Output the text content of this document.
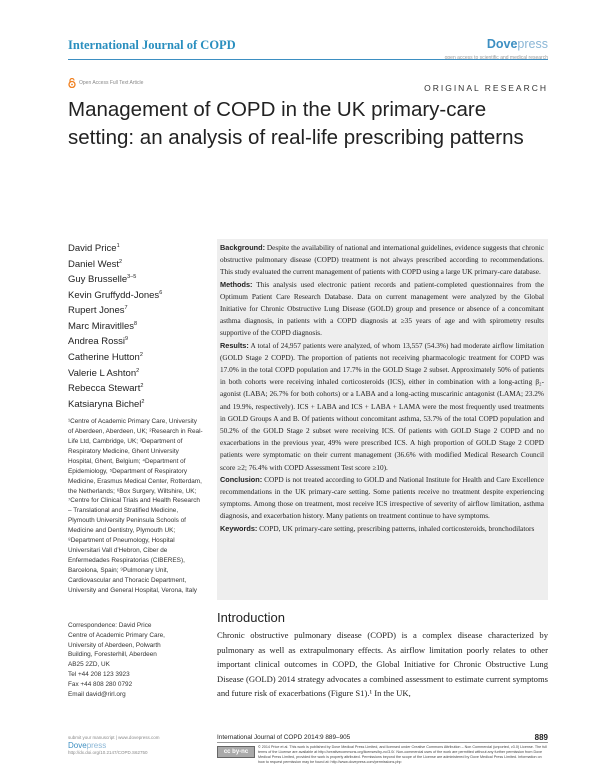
International Journal of COPD	Dovepress
open access to scientific and medical research
Open Access Full Text Article	ORIGINAL RESEARCH
Management of COPD in the UK primary-care setting: an analysis of real-life prescribing patterns
David Price$^1$
Daniel West$^2$
Guy Brusselle$^{3-5}$
Kevin Gruffydd-Jones$^6$
Rupert Jones$^7$
Marc Miravitlles$^8$
Andrea Rossi$^9$
Catherine Hutton$^2$
Valerie L Ashton$^2$
Rebecca Stewart$^2$
Katsiaryna Bichel$^2$
¹Centre of Academic Primary Care, University of Aberdeen, Aberdeen, UK; ²Research in Real-Life Ltd, Cambridge, UK; ³Department of Respiratory Medicine, Ghent University Hospital, Ghent, Belgium; ⁴Department of Epidemiology, ⁵Department of Respiratory Medicine, Erasmus Medical Center, Rotterdam, the Netherlands; ⁶Box Surgery, Wiltshire, UK; ⁷Centre for Clinical Trials and Health Research – Translational and Stratified Medicine, Plymouth University Peninsula Schools of Medicine and Dentistry, Plymouth UK; ⁸Department of Pneumology, Hospital Universitari Vall d’Hebron, Ciber de Enfermedades Respiratorias (CIBERES), Barcelona, Spain; ⁹Pulmonary Unit, Cardiovascular and Thoracic Department, University and General Hospital, Verona, Italy
Correspondence: David Price
Centre of Academic Primary Care,
University of Aberdeen, Polwarth
Building, Foresterhill, Aberdeen
AB25 2ZD, UK
Tel +44 208 123 3923
Fax +44 808 280 0792
Email david@rirl.org

Background: Despite the availability of national and international guidelines, evidence suggests that chronic obstructive pulmonary disease (COPD) treatment is not always prescribed according to recommendations. This study evaluated the current management of patients with COPD using a large UK primary-care database.

Methods: This analysis used electronic patient records and patient-completed questionnaires from the Optimum Patient Care Research Database. Data on current management were analyzed by the Global Initiative for Chronic Obstructive Lung Disease (GOLD) group and presence or absence of a concomitant asthma diagnosis, in patients with a COPD diagnosis at ≥35 years of age and with spirometry results supportive of the COPD diagnosis.

Results: A total of 24,957 patients were analyzed, of whom 13,557 (54.3%) had moderate airflow limitation (GOLD Stage 2 COPD). The proportion of patients not receiving pharmacologic treatment for COPD was 17.0% in the total COPD population and 17.7% in the GOLD Stage 2 subset. Approximately 50% of patients in both cohorts were receiving inhaled corticosteroids (ICS), either in combination with a long-acting β₂-agonist (LABA; 26.7% for both cohorts) or a LABA and a long-acting muscarinic antagonist (LAMA; 23.2% and 19.9%, respectively). ICS + LABA and ICS + LABA + LAMA were the most frequently used treatments in GOLD Groups A and B. Of patients without concomitant asthma, 53.7% of the total COPD population and 50.2% of the GOLD Stage 2 subset were receiving ICS. Of patients with GOLD Stage 2 COPD and no exacerbations in the previous year, 49% were prescribed ICS. A high proportion of GOLD Stage 2 COPD patients were symptomatic on their current management (36.6% with modified Medical Research Council score ≥2; 76.4% with COPD Assessment Test score ≥10).

Conclusion: COPD is not treated according to GOLD and National Institute for Health and Care Excellence recommendations in the UK primary-care setting. Some patients receive no treatment despite experiencing symptoms. Among those on treatment, most receive ICS irrespective of severity of airflow limitation, asthma diagnosis, and exacerbation history. Many patients on treatment continue to have symptoms.

Keywords: COPD, UK primary-care setting, prescribing patterns, inhaled corticosteroids, bronchodilators

Introduction

Chronic obstructive pulmonary disease (COPD) is a complex disease characterized by pulmonary as well as extrapulmonary effects. As airflow limitation poorly relates to other important clinical outcomes in COPD, the Global Initiative for Chronic Obstructive Lung Disease (GOLD) 2014 strategy advocates a combined assessment to estimate current symptoms and future risk of exacerbations (Figure S1).¹ In the UK,

submit your manuscript | www.dovepress.com
Dovepress
http://dx.doi.org/10.2147/COPD.S62750
International Journal of COPD 2014:9 889–905	889
cc by-nc
© 2014 Price et al. This work is published by Dove Medical Press Limited, and licensed under Creative Commons Attribution – Non Commercial (unported, v3.0) License. The full terms of the License are available at http://creativecommons.org/licenses/by-nc/3.0/. Non-commercial uses of the work are permitted without any further permission from Dove Medical Press Limited, provided the work is properly attributed. Permissions beyond the scope of the License are administered by Dove Medical Press Limited. Information on how to request permission may be found at: http://www.dovepress.com/permissions.php
